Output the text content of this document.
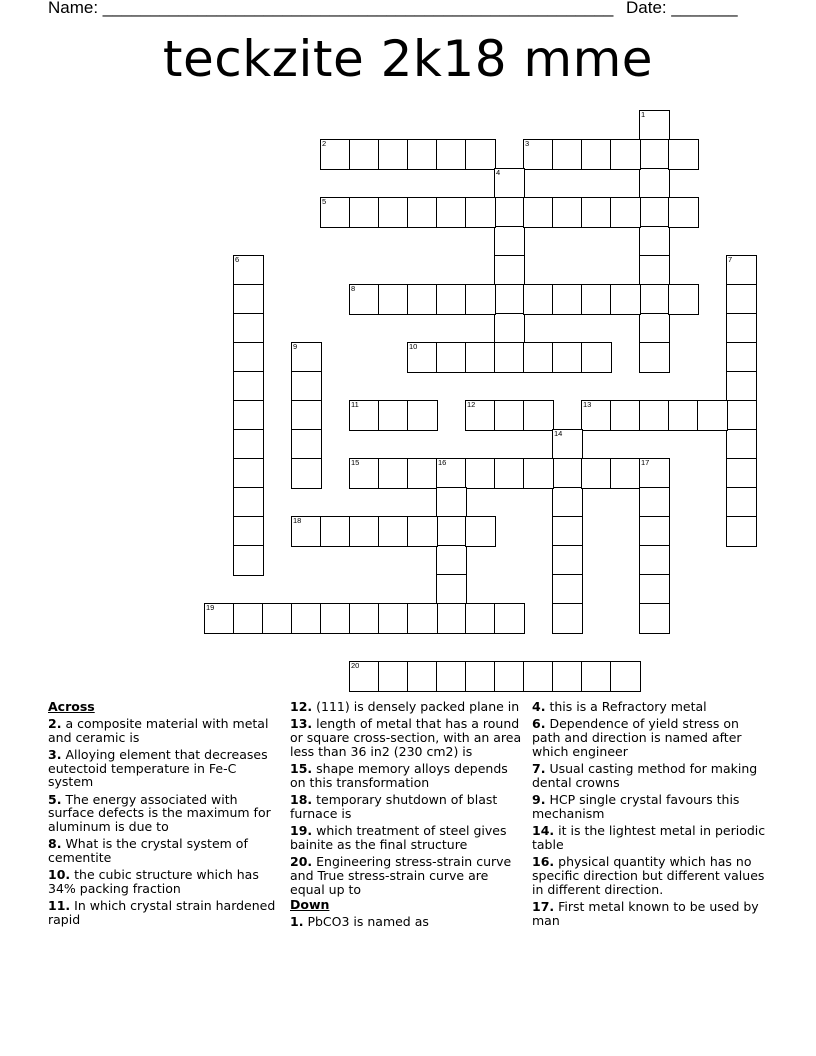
Name: ______________________________________________________ Date: _______
teckzite 2k18 mme
1
2	3
4
5
6	7
8
9	10
11	12	13
14
15	16	17
18
19
20
Across
2. a composite material with metal and ceramic is
3. Alloying element that decreases eutectoid temperature in Fe-C system
5. The energy associated with surface defects is the maximum for aluminum is due to
8. What is the crystal system of cementite
10. the cubic structure which has 34% packing fraction
11. In which crystal strain hardened rapid
12. (111) is densely packed plane in
13. length of metal that has a round or square cross-section, with an area less than 36 in2 (230 cm2) is
15. shape memory alloys depends on this transformation
18. temporary shutdown of blast furnace is
19. which treatment of steel gives bainite as the final structure
20. Engineering stress-strain curve and True stress-strain curve are equal up to
Down
1. PbCO3 is named as
4. this is a Refractory metal
6. Dependence of yield stress on path and direction is named after which engineer
7. Usual casting method for making dental crowns
9. HCP single crystal favours this mechanism
14. it is the lightest metal in periodic table
16. physical quantity which has no specific direction but different values in different direction.
17. First metal known to be used by man
